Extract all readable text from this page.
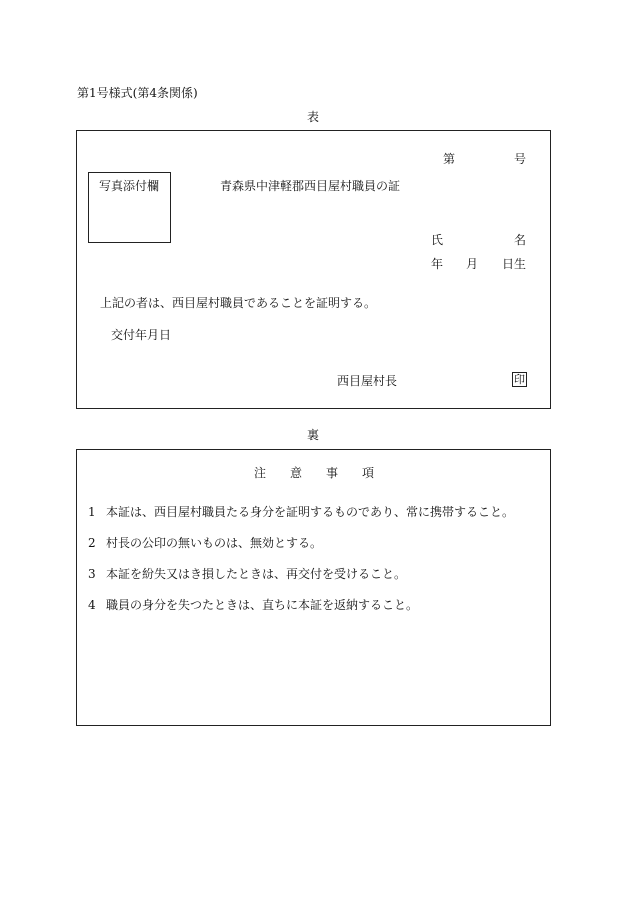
第1号様式(第4条関係)
表
第	号
写真添付欄	青森県中津軽郡西目屋村職員の証
氏	名
年 月 日生
上記の者は、西目屋村職員であることを証明する。
交付年月日
西目屋村長	印
裏
注 意 事 項
1 本証は、西目屋村職員たる身分を証明するものであり、常に携帯すること。
2 村長の公印の無いものは、無効とする。
3 本証を紛失又はき損したときは、再交付を受けること。
4 職員の身分を失つたときは、直ちに本証を返納すること。
